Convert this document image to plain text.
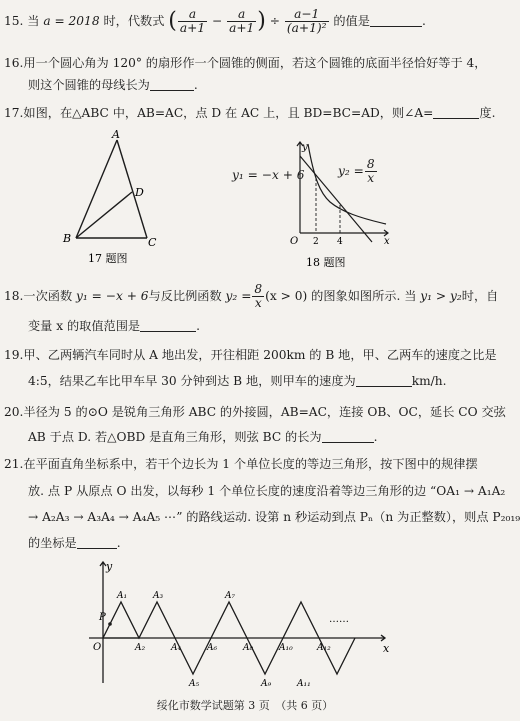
15. 当 a = 2018 时，代数式 ( $\frac{a}{a+1} - \frac{a}{a+1}$ ) ÷ $\frac{a-1}{\text{(a+1)²}}$ 的值是	.
16.用一个圆心角为 120° 的扇形作一个圆锥的侧面，若这个圆锥的底面半径恰好等于 4，
则这个圆锥的母线长为	.
17.如图，在△ABC 中，AB=AC，点 D 在 AC 上，且 BD=BC=AD，则∠A=	度.
A
B	C
D
17 题图
y₁ = −x + 6
y
x
O 2 4
18 题图
$y_2 = \frac{8}{x}$
18.一次函数 y₁ = −x + 6与反比例函数 $y_2 = \frac{8}{x} (x > 0)$ 的图象如图所示. 当 y₁ > y₂时，自
变量 x 的取值范围是	.
19.甲、乙两辆汽车同时从 A 地出发，开往相距 200km 的 B 地，甲、乙两车的速度之比是
4:5，结果乙车比甲车早 30 分钟到达 B 地，则甲车的速度为	km/h.
20.半径为 5 的⊙O 是锐角三角形 ABC 的外接圆，AB=AC，连接 OB、OC，延长 CO 交弦
AB 于点 D. 若△OBD 是直角三角形，则弦 BC 的长为	.
21.在平面直角坐标系中，若干个边长为 1 个单位长度的等边三角形，按下图中的规律摆
放. 点 P 从原点 O 出发，以每秒 1 个单位长度的速度沿着等边三角形的边 “OA₁ → A₁A₂
→ A₂A₃ → A₃A₄ → A₄A₅ ⋯” 的路线运动. 设第 n 秒运动到点 Pₙ（n 为正整数），则点 P₂₀₁₉
的坐标是	.
y
x
O
P	……
A₁
A₂
A₃
A₄
A₅
A₆
A₇
A₈
A₉
A₁₀
A₁₁
A₁₂
绥化市数学试题第 3 页　（共 6 页）
